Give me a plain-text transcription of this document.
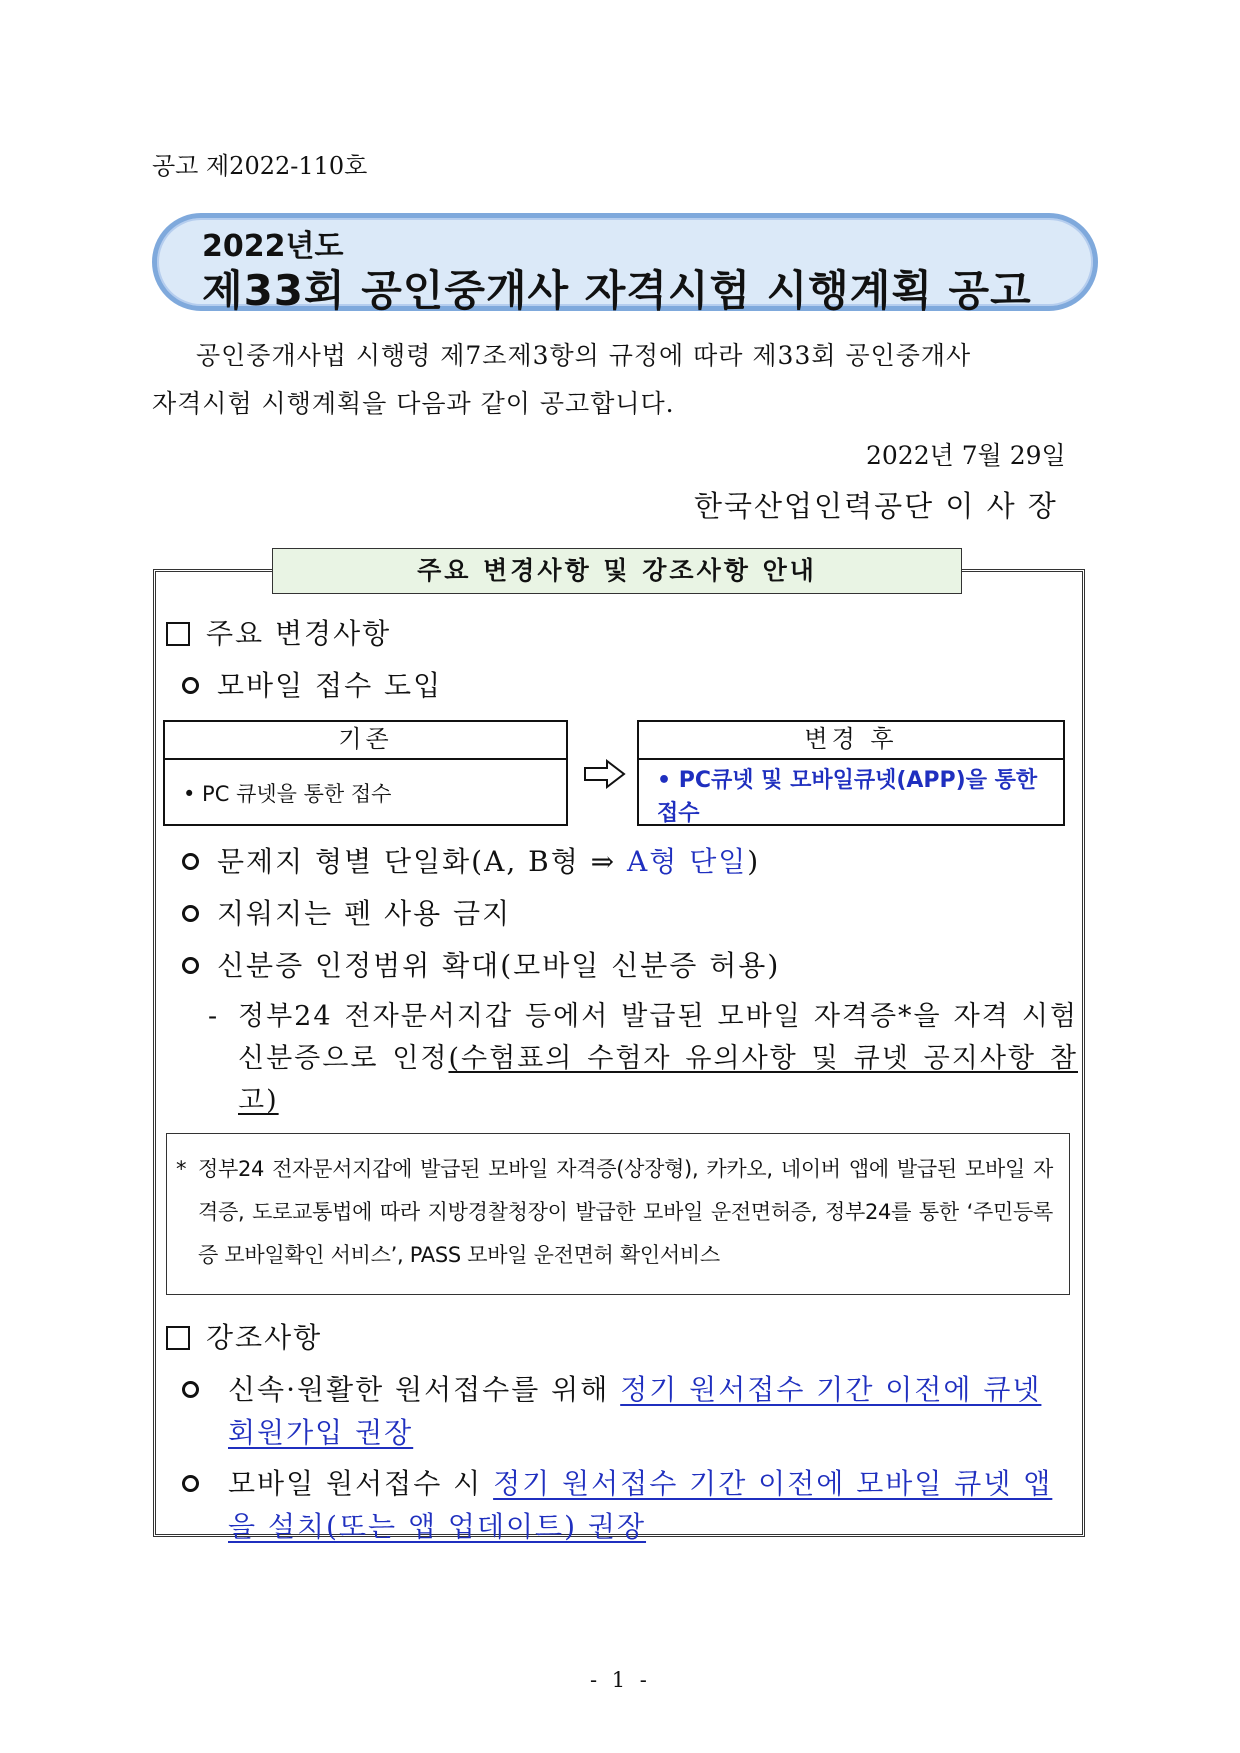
공고 제2022-110호
2022년도
제33회 공인중개사 자격시험 시행계획 공고
공인중개사법 시행령 제7조제3항의 규정에 따라 제33회 공인중개사
자격시험 시행계획을 다음과 같이 공고합니다.
2022년 7월 29일
한국산업인력공단 이 사 장
주요 변경사항 및 강조사항 안내
주요 변경사항
모바일 접수 도입
기존
• PC 큐넷을 통한 접수
변경 후
• PC큐넷 및 모바일큐넷(APP)을 통한 접수
문제지 형별 단일화(A, B형 ⇒ A형 단일)
지워지는 펜 사용 금지
신분증 인정범위 확대(모바일 신분증 허용)
- 정부24 전자문서지갑 등에서 발급된 모바일 자격증*을 자격 시험 신분증으로 인정(수험표의 수험자 유의사항 및 큐넷 공지사항 참고)
* 정부24 전자문서지갑에 발급된 모바일 자격증(상장형), 카카오, 네이버 앱에 발급된 모바일 자격증, 도로교통법에 따라 지방경찰청장이 발급한 모바일 운전면허증, 정부24를 통한 ‘주민등록증 모바일확인 서비스’, PASS 모바일 운전면허 확인서비스
강조사항
신속·원활한 원서접수를 위해 정기 원서접수 기간 이전에 큐넷 회원가입 권장
모바일 원서접수 시 정기 원서접수 기간 이전에 모바일 큐넷 앱을 설치(또는 앱 업데이트) 권장
- 1 -
